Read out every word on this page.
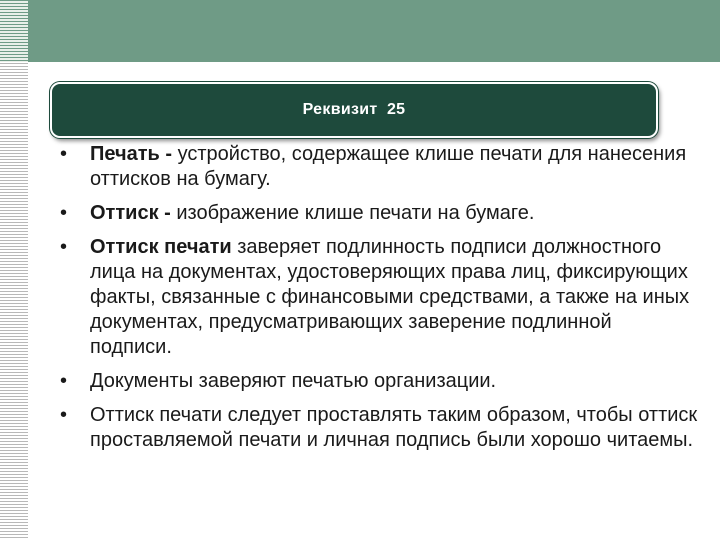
Реквизит  25
• Печать - устройство, содержащее клише печати для нанесения оттисков на бумагу.
• Оттиск - изображение клише печати на бумаге.
• Оттиск печати заверяет подлинность подписи должностного лица на документах, удостоверяющих права лиц, фиксирующих факты, связанные с финансовыми средствами, а также на иных документах, предусматривающих заверение подлинной подписи.
• Документы заверяют печатью организации.
• Оттиск печати следует проставлять таким образом, чтобы оттиск проставляемой печати и личная подпись были хорошо читаемы.
